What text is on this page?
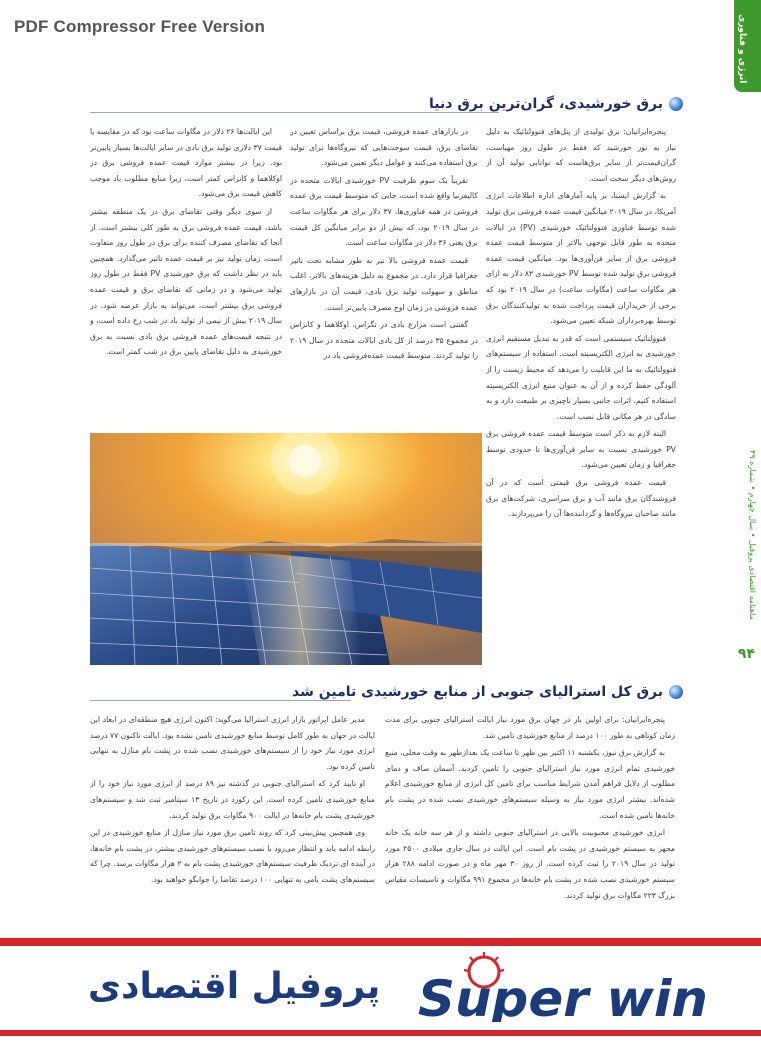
PDF Compressor Free Version	انرژی و فناوری
ماهنامه اقتصادی پروفیل • سال چهارم • شماره ۴۹
۹۴
برق خورشیدی، گران‌ترین برق دنیا

پنجره‌ایرانیان: برق تولیدی از پنل‌های فتوولتائیک به دلیل نیاز به نور خورشید که فقط در طول روز مهیاست، گران‌قیمت‌تر از سایر برق‌هاست که توانایی تولید آن از روش‌های دیگر سخت است.

به گزارش ایسنا، بر پایه آمارهای اداره اطلاعات انرژی آمریکا، در سال ۲۰۱۹ میانگین قیمت عمده فروشی برق تولید شده توسط فناوری فتوولتائیک خورشیدی (PV) در ایالات متحده به طور قابل توجهی بالاتر از متوسط قیمت عمده فروشی برق از سایر فن‌آوری‌ها بود. میانگین قیمت عمده فروشی برق تولید شده توسط PV خورشیدی ۸۳ دلار به ازای هر مگاوات ساعت (مگاوات ساعت) در سال ۲۰۱۹ بود که برخی از خریداران قیمت پرداخت شده به تولیدکنندگان برق توسط بهره‌برداران شبکه تعیین می‌شود.

فتوولتائیک سیستمی است که قدر به تبدیل مستقیم انرژی خورشیدی به انرژی الکتریسیته است. استفاده از سیستم‌های فتوولتائیک به ما این قابلیت را می‌دهد که محیط زیست را از آلودگی حفظ کرده و از آن به عنوان منبع انرژی الکتریسیته استفاده کنیم. اثرات جانبی بسیار ناچیزی بر طبیعت دارد و به سادگی در هر مکانی قابل نصب است.

البته لازم به ذکر است متوسط قیمت عمده فروشی برق PV خورشیدی نسبت به سایر فن‌آوری‌ها تا حدودی توسط جغرافیا و زمان تعیین می‌شود.

قیمت عمده فروشی برق قیمتی است که در آن فروشندگان برق مانند آب و برق سراسری، شرکت‌های برق مانند صاحبان نیروگاه‌ها و گرداننده‌ها آن را می‌پردازند.

در بازارهای عمده فروشی، قیمت برق براساس تعیین در تقاضای برق، قیمت سوخت‌هایی که نیروگاه‌ها برای تولید برق استفاده می‌کنند و عوامل دیگر تعیین می‌شود.

تقریباً یک سوم ظرفیت PV خورشیدی ایالات متحده در کالیفرنیا واقع شده است، جایی که متوسط قیمت برق عمده فروشی در همه فناوری‌ها، ۳۷ دلار برای هر مگاوات ساعت در سال ۲۰۱۹ بود، که بیش از دو برابر میانگین کل قیمت برق یعنی ۳۶ دلار در مگاوات ساعت است.

قیمت عمده فروشی بالا نیز به طور مشابه تحت تاثیر جغرافیا قرار دارد. در مجموع به دلیل هزینه‌های بالاتر، اغلب مناطق و سهولت تولید برق بادی، قیمت آن در بازارهای عمده فروشی در زمان اوج مصرف پایین‌تر است.

گفتنی است مزارع بادی در تگزاس، اوکلاهما و کانزاس در مجموع ۳۵ درصد از کل بادی ایالات متحده در سال ۲۰۱۹ را تولید کردند. متوسط قیمت عمده‌فروشی باد در

این ایالت‌ها ۲۶ دلار در مگاوات ساعت بود که در مقایسه با قیمت ۳۷ دلاری تولید برق بادی در سایر ایالت‌ها بسیار پایین‌تر بود. زیرا در بیشتر موارد قیمت عمده فروشی برق در اوکلاهما و کانزاس کمتر است، زیرا منابع مطلوب باد موجب کاهش قیمت برق می‌شود.

از سوی دیگر وقتی تقاضای برق در یک منطقه بیشتر باشد، قیمت عمده فروشی برق به طور کلی بیشتر است. از آنجا که تقاضای مصرف کننده برای برق در طول روز متفاوت است، زمان تولید نیز بر قیمت عمده تاثیر می‌گذارد. همچنین باید در نظر داشت که برق خورشیدی PV فقط در طول روز تولید می‌شود و در زمانی که تقاضای برق و قیمت عمده فروشی برق بیشتر است، می‌تواند به بازار عرضه شود. در سال ۲۰۱۹ بیش از نیمی از تولید باد در شب رخ داده است، و در نتیجه قیمت‌های عمده فروشی برق بادی نسبت به برق خورشیدی به دلیل تقاضای پایین برق در شب کمتر است.

برق کل استرالیای جنوبی از منابع خورشیدی تامین شد

پنجره‌ایرانیان: برای اولین بار در جهان برق مورد نیاز ایالت استرالیای جنوبی برای مدت زمان کوتاهی به طور ۱۰۰ درصد از منابع خورشیدی تامین شد.

به گزارش برق نیوز، یکشنبه ۱۱ اکتبر بین ظهر تا ساعت یک بعدازظهر به وقت محلی، منبع خورشیدی تمام انرژی مورد نیاز استرالیای جنوبی را تامین کردند. آسمان صاف و دمای مطلوب از دلایل فراهم آمدن شرایط مناسب برای تامین کل انرژی از منابع خورشیدی اعلام شده‌اند. بیشتر انرژی مورد نیاز به وسیله سیستم‌های خورشیدی نصب شده در پشت بام خانه‌ها تامین شده است.

انرژی خورشیدی محبوبیت بالایی در استرالیای جنوبی داشته و از هر سه خانه یک خانه مجهز به سیستم خورشیدی در پشت بام است. این ایالت در سال جاری میلادی ۲۵۰۰ مورد تولید در سال ۲۰۱۹ را ثبت کرده است. از روز ۳۰ مهر ماه و در صورت ادامه ۲۸۸ هزار سیستم خورشیدی نصب شده در پشت بام خانه‌ها در مجموع ۹۹۱ مگاوات و تاسیسات مقیاس بزرگ ۲۲۳ مگاوات برق تولید کردند.

مدیر عامل اپراتور بازار انرژی استرالیا می‌گوید: اکنون انرژی هیچ منطقه‌ای در ابعاد این ایالت در جهان به طور کامل توسط منابع خورشیدی تامین نشده بود. ایالت تاکنون ۷۷ درصد انرژی مورد نیاز خود را از سیستم‌های خورشیدی نصب شده در پشت بام منازل به تنهایی تامین کرده بود.

او تایید کرد که استرالیای جنوبی در گذشته نیز ۸۹ درصد از انرژی مورد نیاز خود را از منابع خورشیدی تامین کرده است. این رکورد در تاریخ ۱۳ سپتامبر ثبت شد و سیستم‌های خورشیدی پشت بام خانه‌ها در ایالت ۹۰۰ مگاوات برق تولید کردند.

وی همچنین پیش‌بینی کرد که روند تامین برق مورد نیاز منازل از منابع خورشیدی در این رابطه ادامه یابد و انتظار می‌رود با نصب سیستم‌های خورشیدی بیشتر، در پشت بام خانه‌ها، در آینده ای نزدیک ظرفیت سیستم‌های خورشیدی پشت بام به ۲ هزار مگاوات برسد. چرا که سیستم‌های پشت بامی به تنهایی ۱۰۰ درصد تقاضا را جوابگو خواهند بود.

پروفیل اقتصادی Super win
